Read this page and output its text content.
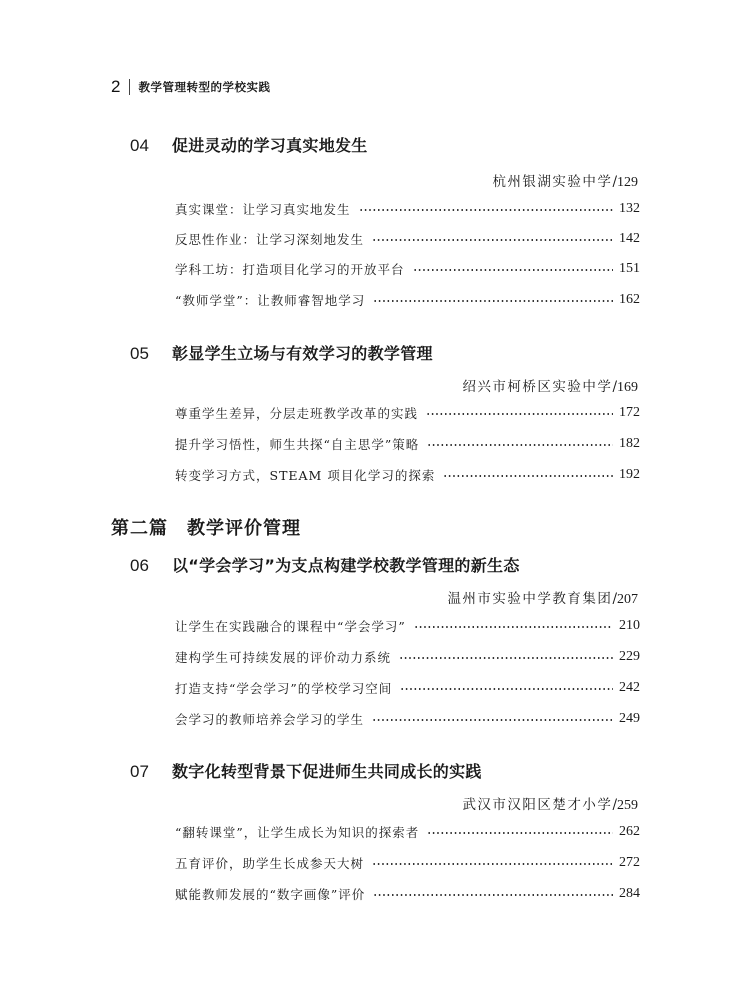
2 教学管理转型的学校实践
04 促进灵动的学习真实地发生
杭州银湖实验中学/129
真实课堂：让学习真实地发生	132
反思性作业：让学习深刻地发生	142
学科工坊：打造项目化学习的开放平台	151
“教师学堂”：让教师睿智地学习	162
05 彰显学生立场与有效学习的教学管理
绍兴市柯桥区实验中学/169
尊重学生差异，分层走班教学改革的实践	172
提升学习悟性，师生共探“自主思学”策略	182
转变学习方式，STEAM 项目化学习的探索	192
第二篇　教学评价管理
06 以“学会学习”为支点构建学校教学管理的新生态
温州市实验中学教育集团/207
让学生在实践融合的课程中“学会学习”	210
建构学生可持续发展的评价动力系统	229
打造支持“学会学习”的学校学习空间	242
会学习的教师培养会学习的学生	249
07 数字化转型背景下促进师生共同成长的实践
武汉市汉阳区楚才小学/259
“翻转课堂”，让学生成长为知识的探索者	262
五育评价，助学生长成参天大树	272
赋能教师发展的“数字画像”评价	284
